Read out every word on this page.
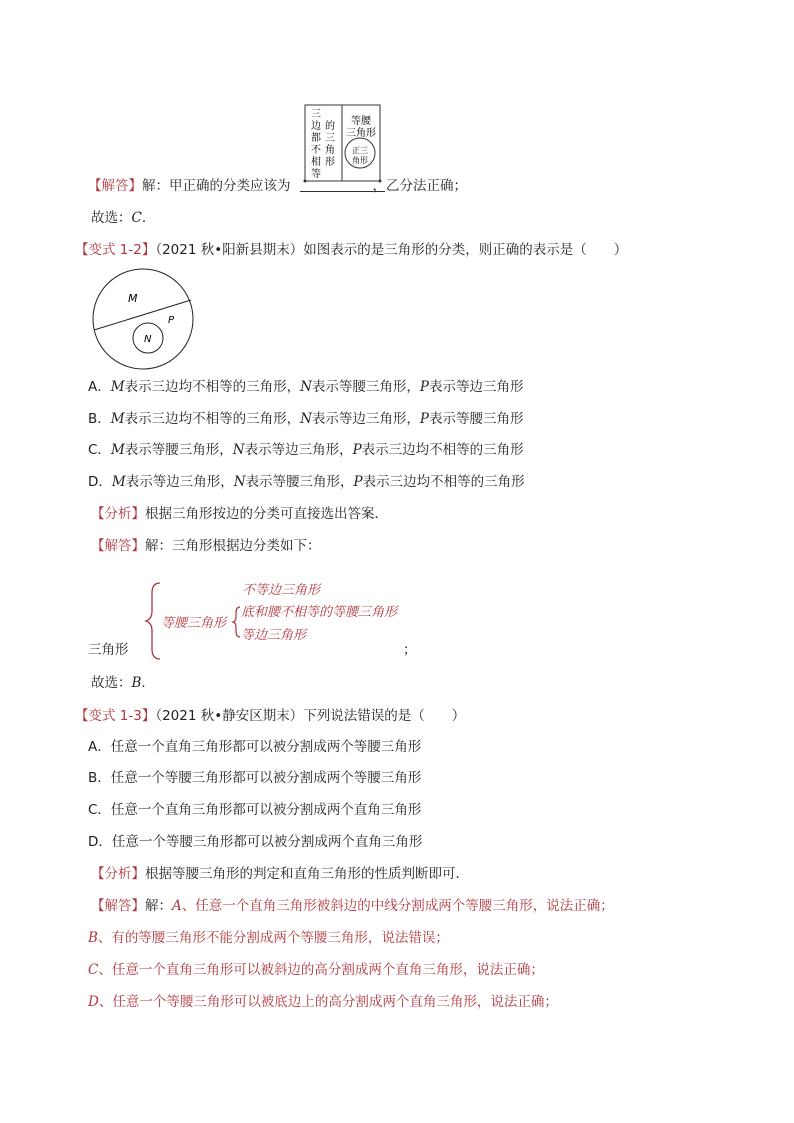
三
边
都
不
相
等
的
三
角
形
等腰
三角形
正三
角形
【解答】解：甲正确的分类应该为	，乙分法正确；
故选：C.
【变式 1-2】（2021 秋•阳新县期末）如图表示的是三角形的分类，则正确的表示是（　　）
M
N
P
A．M表示三边均不相等的三角形，N表示等腰三角形，P表示等边三角形
B．M表示三边均不相等的三角形，N表示等边三角形，P表示等腰三角形
C．M表示等腰三角形，N表示等边三角形，P表示三边均不相等的三角形
D．M表示等边三角形，N表示等腰三角形，P表示三边均不相等的三角形
【分析】根据三角形按边的分类可直接选出答案．
【解答】解：三角形根据边分类如下：
不等边三角形
等腰三角形
底和腰不相等的等腰三角形
等边三角形
三角形	；
故选：B.
【变式 1-3】（2021 秋•静安区期末）下列说法错误的是（　　）
A．任意一个直角三角形都可以被分割成两个等腰三角形
B．任意一个等腰三角形都可以被分割成两个等腰三角形
C．任意一个直角三角形都可以被分割成两个直角三角形
D．任意一个等腰三角形都可以被分割成两个直角三角形
【分析】根据等腰三角形的判定和直角三角形的性质判断即可．
【解答】解：A、任意一个直角三角形被斜边的中线分割成两个等腰三角形，说法正确；
B、有的等腰三角形不能分割成两个等腰三角形，说法错误；
C、任意一个直角三角形可以被斜边的高分割成两个直角三角形，说法正确；
D、任意一个等腰三角形可以被底边上的高分割成两个直角三角形，说法正确；
